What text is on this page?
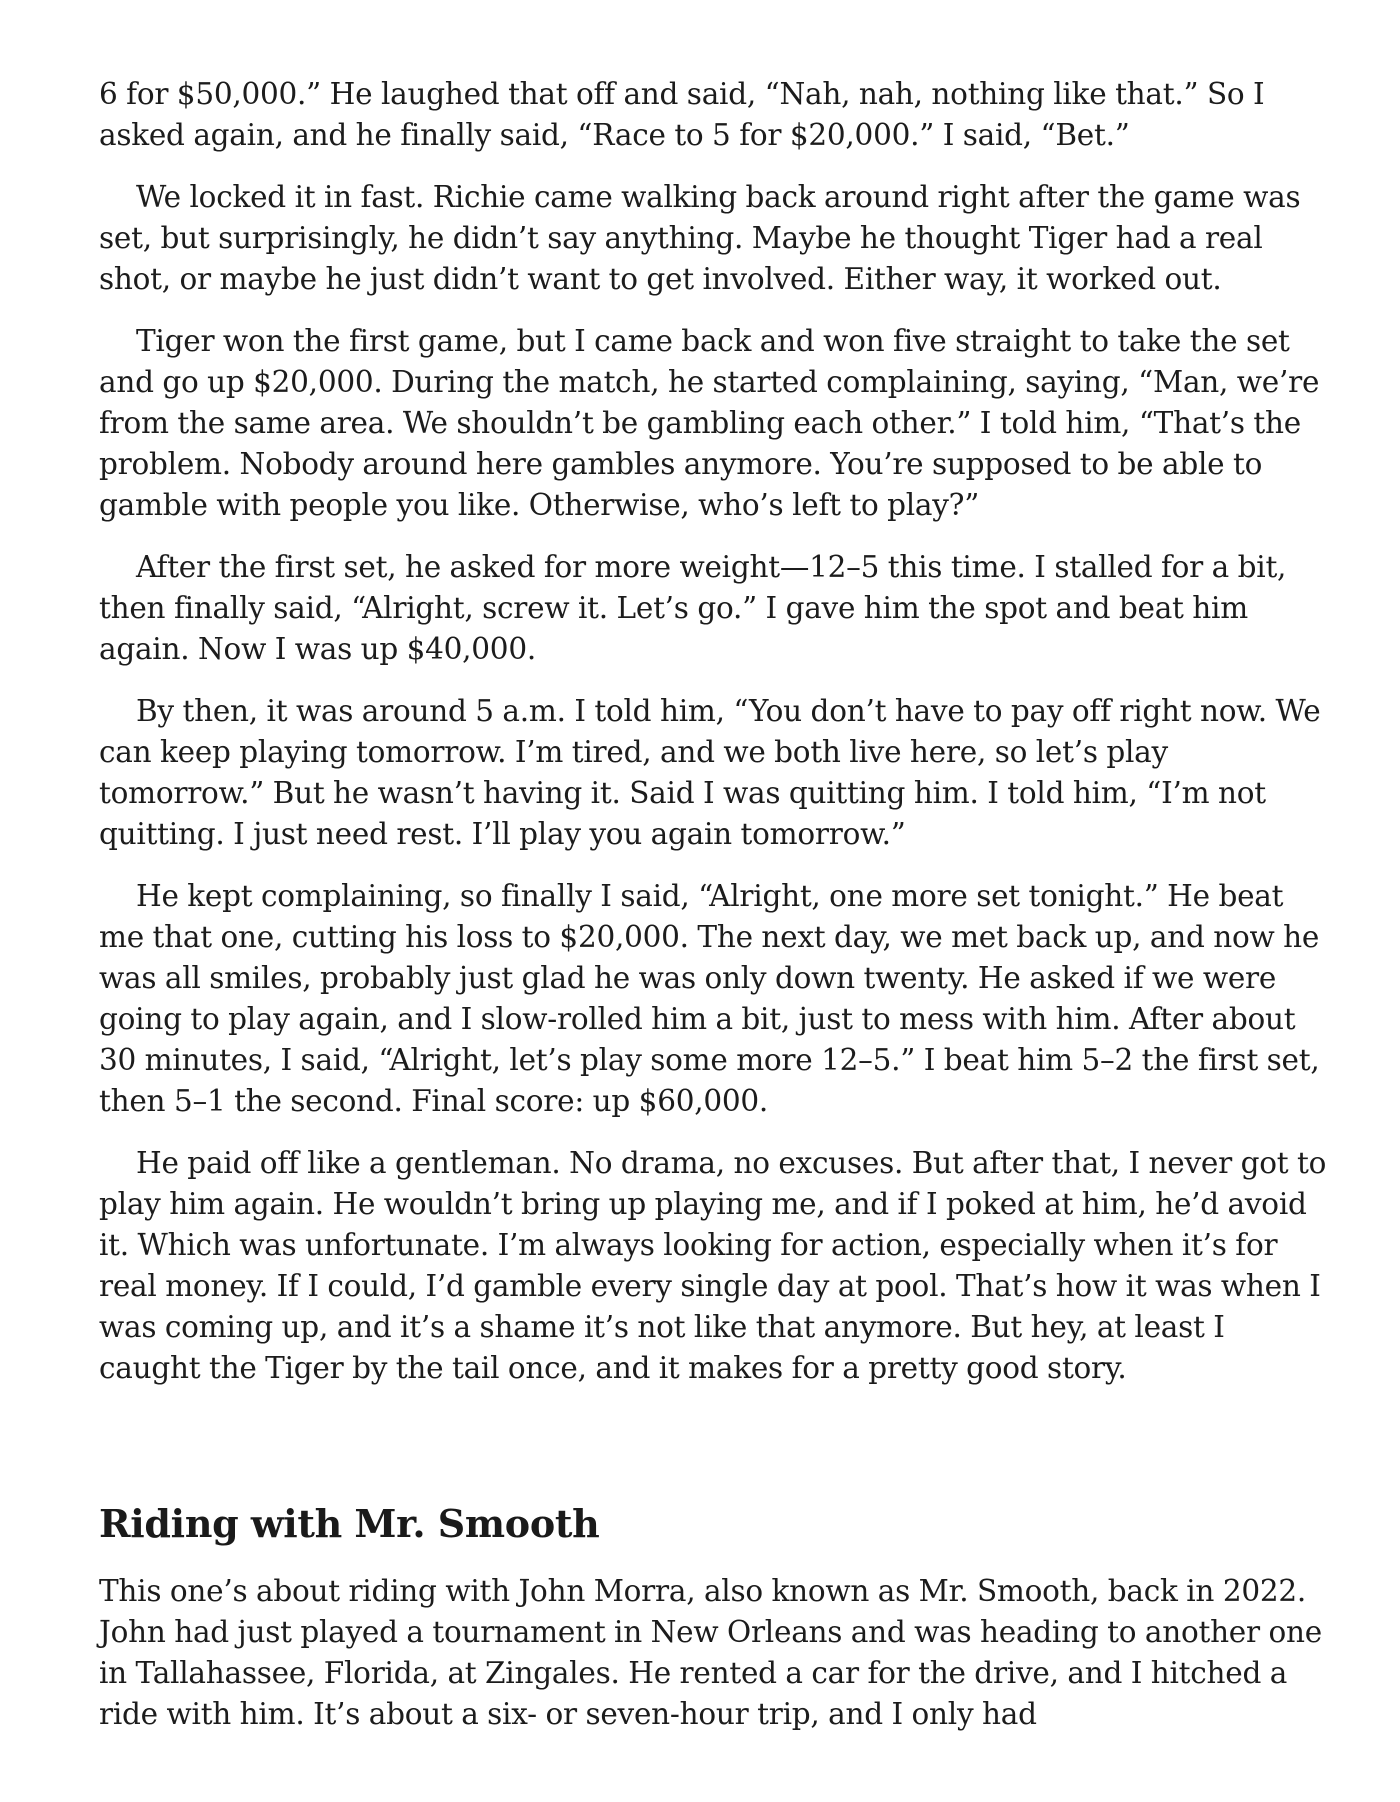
6 for $50,000.” He laughed that off and said, “Nah, nah, nothing like that.” So I asked again, and he finally said, “Race to 5 for $20,000.” I said, “Bet.”

We locked it in fast. Richie came walking back around right after the game was set, but surprisingly, he didn’t say anything. Maybe he thought Tiger had a real shot, or maybe he just didn’t want to get involved. Either way, it worked out.

Tiger won the first game, but I came back and won five straight to take the set and go up $20,000. During the match, he started complaining, saying, “Man, we’re from the same area. We shouldn’t be gambling each other.” I told him, “That’s the problem. Nobody around here gambles anymore. You’re supposed to be able to gamble with people you like. Otherwise, who’s left to play?”

After the first set, he asked for more weight—12–5 this time. I stalled for a bit, then finally said, “Alright, screw it. Let’s go.” I gave him the spot and beat him again. Now I was up $40,000.

By then, it was around 5 a.m. I told him, “You don’t have to pay off right now. We can keep playing tomorrow. I’m tired, and we both live here, so let’s play tomorrow.” But he wasn’t having it. Said I was quitting him. I told him, “I’m not quitting. I just need rest. I’ll play you again tomorrow.”

He kept complaining, so finally I said, “Alright, one more set tonight.” He beat me that one, cutting his loss to $20,000. The next day, we met back up, and now he was all smiles, probably just glad he was only down twenty. He asked if we were going to play again, and I slow-rolled him a bit, just to mess with him. After about 30 minutes, I said, “Alright, let’s play some more 12–5.” I beat him 5–2 the first set, then 5–1 the second. Final score: up $60,000.

He paid off like a gentleman. No drama, no excuses. But after that, I never got to play him again. He wouldn’t bring up playing me, and if I poked at him, he’d avoid it. Which was unfortunate. I’m always looking for action, especially when it’s for real money. If I could, I’d gamble every single day at pool. That’s how it was when I was coming up, and it’s a shame it’s not like that anymore. But hey, at least I caught the Tiger by the tail once, and it makes for a pretty good story.

Riding with Mr. Smooth

This one’s about riding with John Morra, also known as Mr. Smooth, back in 2022. John had just played a tournament in New Orleans and was heading to another one in Tallahassee, Florida, at Zingales. He rented a car for the drive, and I hitched a ride with him. It’s about a six- or seven-hour trip, and I only had
